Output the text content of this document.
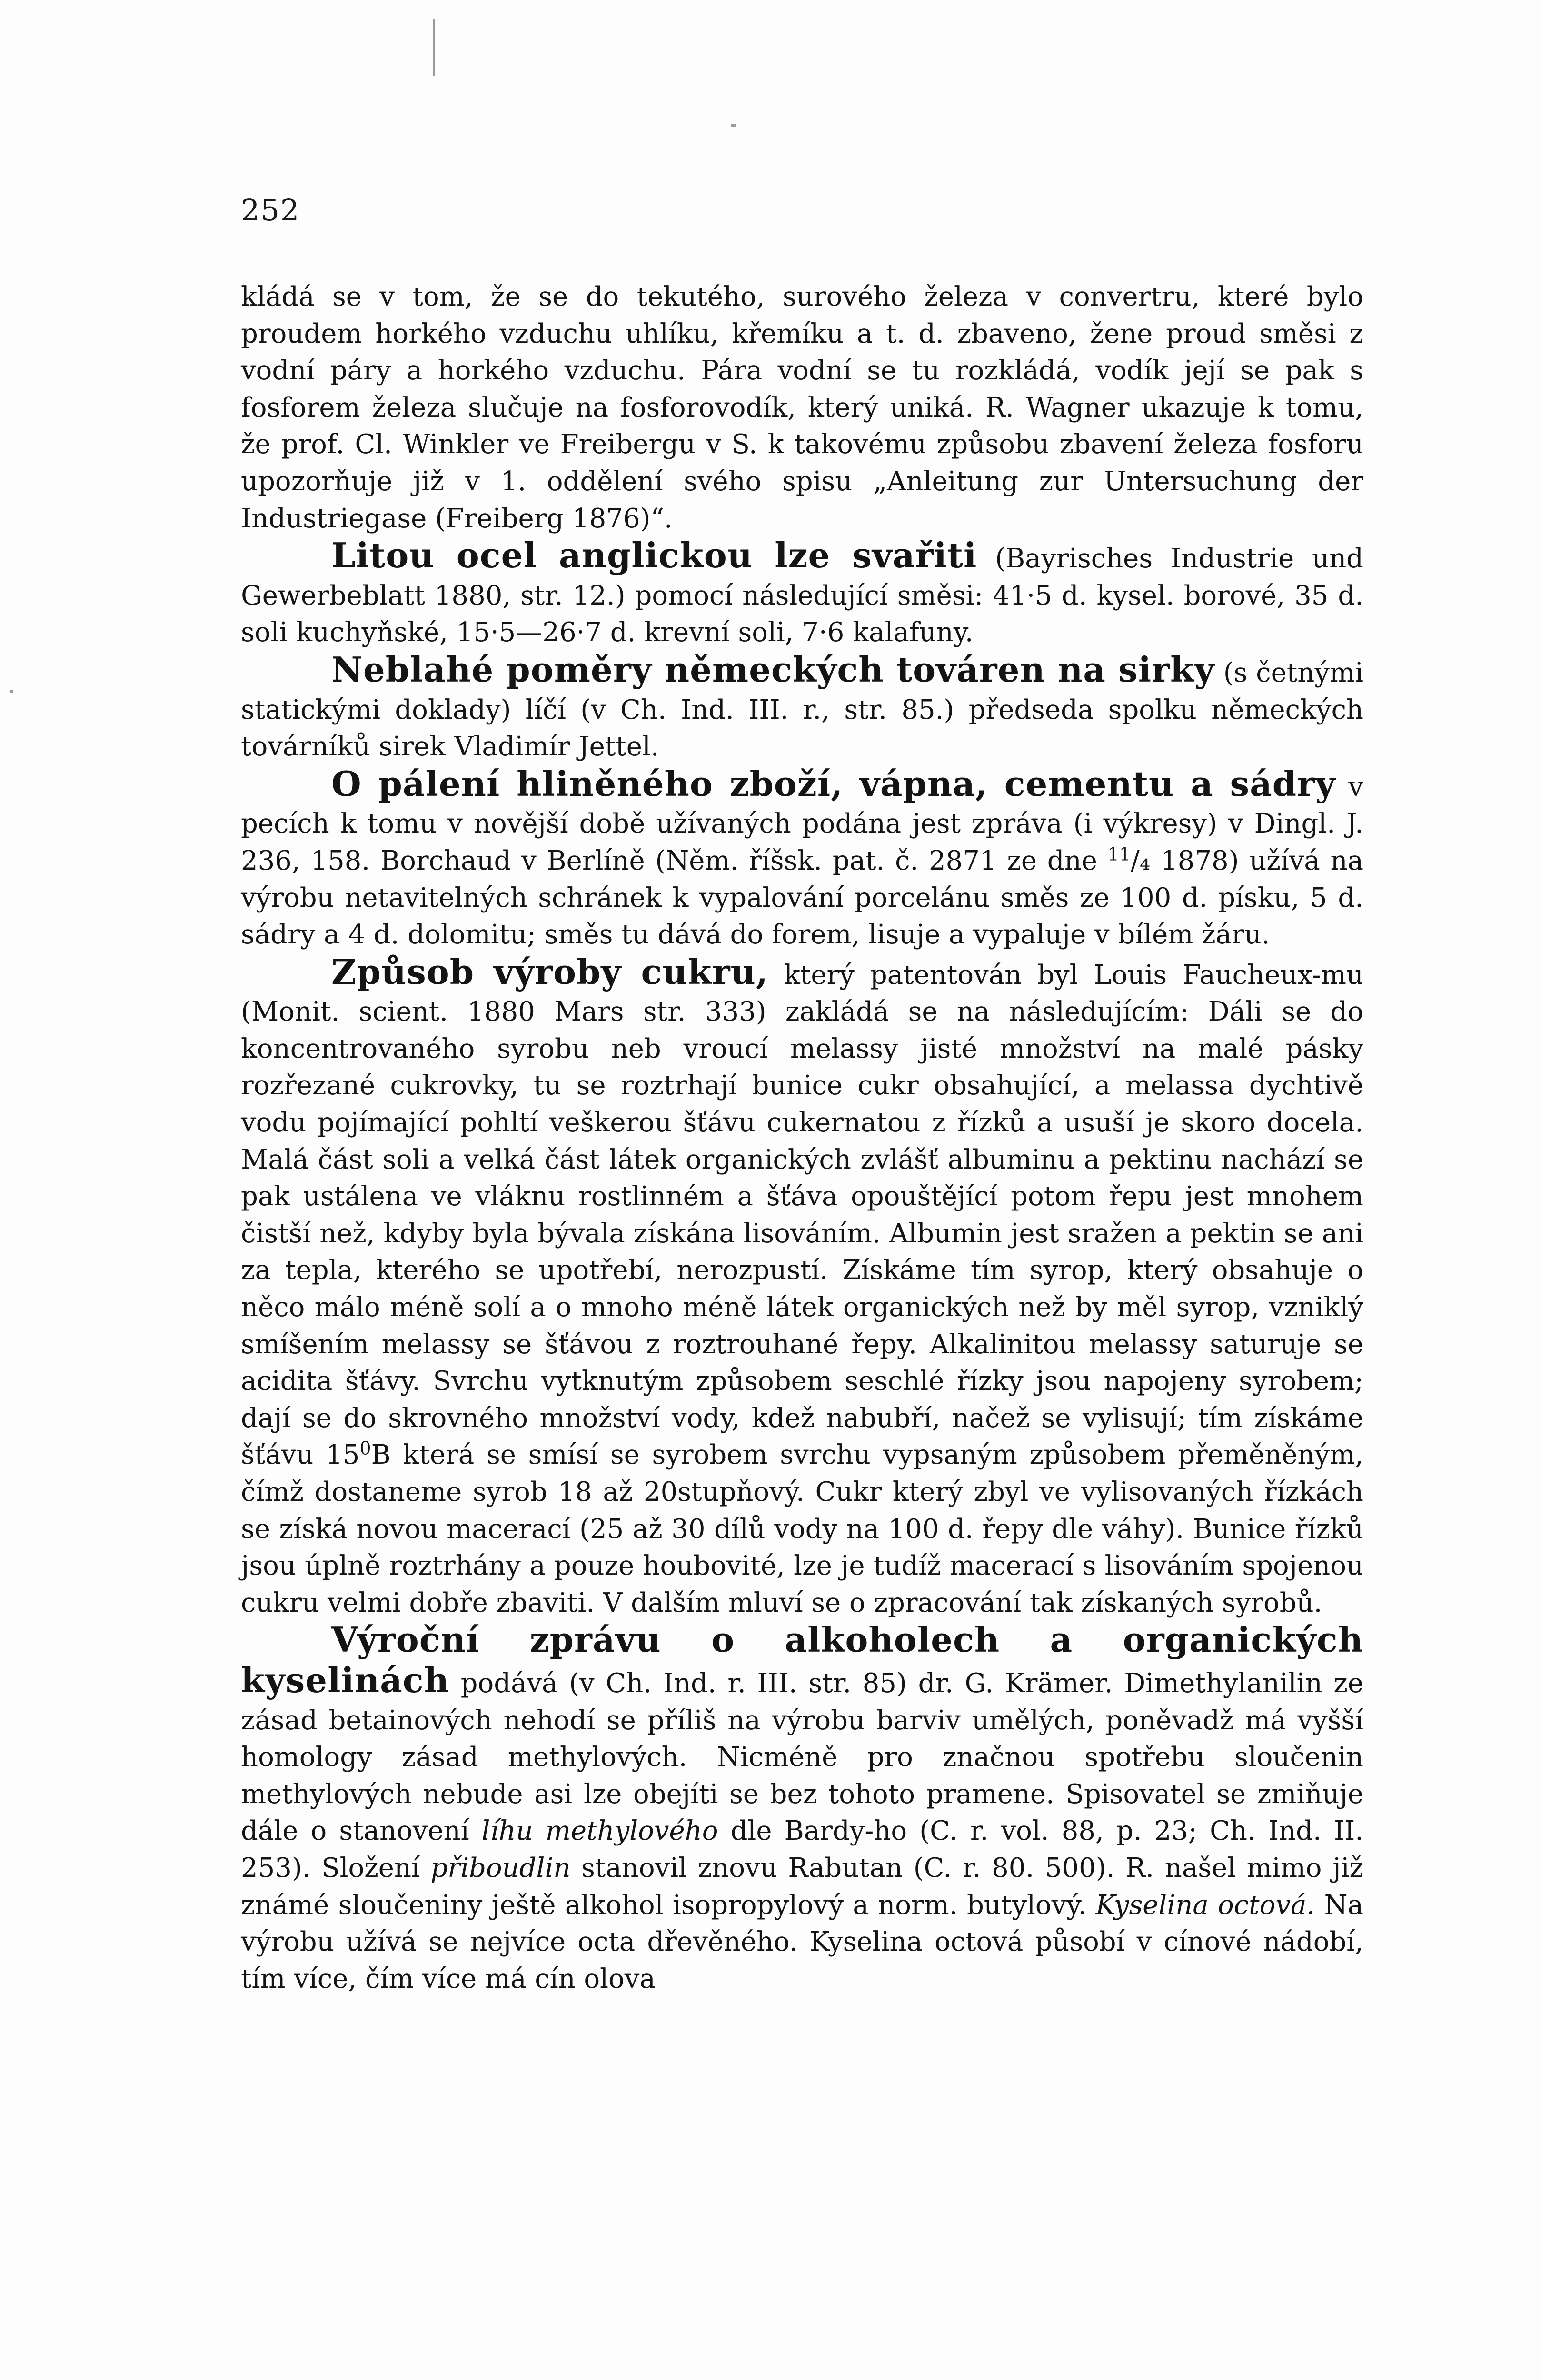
252

kládá se v tom, že se do tekutého, surového železa v convertru, které bylo proudem horkého vzduchu uhlíku, křemíku a t. d. zbaveno, žene proud směsi z vodní páry a horkého vzduchu. Pára vodní se tu rozkládá, vodík její se pak s fosforem železa slučuje na fosforovodík, který uniká. R. Wagner ukazuje k tomu, že prof. Cl. Winkler ve Freibergu v S. k takovému způsobu zbavení železa fosforu upozorňuje již v 1. oddělení svého spisu „Anleitung zur Untersuchung der Industriegase (Freiberg 1876)“.

Litou ocel anglickou lze svařiti (Bayrisches Industrie und Gewerbeblatt 1880, str. 12.) pomocí následující směsi: 41·5 d. kysel. borové, 35 d. soli kuchyňské, 15·5—26·7 d. krevní soli, 7·6 kalafuny.

Neblahé poměry německých továren na sirky (s četnými statickými doklady) líčí (v Ch. Ind. III. r., str. 85.) předseda spolku německých továrníků sirek Vladimír Jettel.

O pálení hliněného zboží, vápna, cementu a sádry v pecích k tomu v novější době užívaných podána jest zpráva (i výkresy) v Dingl. J. 236, 158. Borchaud v Berlíně (Něm. říšsk. pat. č. 2871 ze dne $^{11}$/₄ 1878) užívá na výrobu netavitelných schránek k vypalování porcelánu směs ze 100 d. písku, 5 d. sádry a 4 d. dolomitu; směs tu dává do forem, lisuje a vypaluje v bílém žáru.

Způsob výroby cukru, který patentován byl Louis Faucheux-mu (Monit. scient. 1880 Mars str. 333) zakládá se na následujícím: Dáli se do koncentrovaného syrobu neb vroucí melassy jisté množství na malé pásky rozřezané cukrovky, tu se roztrhají bunice cukr obsahující, a melassa dychtivě vodu pojímající pohltí veškerou šťávu cukernatou z řízků a usuší je skoro docela. Malá část soli a velká část látek organických zvlášť albuminu a pektinu nachází se pak ustálena ve vláknu rostlinném a šťáva opouštějící potom řepu jest mnohem čistší než, kdyby byla bývala získána lisováním. Albumin jest sražen a pektin se ani za tepla, kterého se upotřebí, nerozpustí. Získáme tím syrop, který obsahuje o něco málo méně solí a o mnoho méně látek organických než by měl syrop, vzniklý smíšením melassy se šťávou z roztrouhané řepy. Alkalinitou melassy saturuje se acidita šťávy. Svrchu vytknutým způsobem seschlé řízky jsou napojeny syrobem; dají se do skrovného množství vody, kdež nabubří, načež se vylisují; tím získáme šťávu $15^0B$ která se smísí se syrobem svrchu vypsaným způsobem přeměněným, čímž dostaneme syrob 18 až 20stupňový. Cukr který zbyl ve vylisovaných řízkách se získá novou macerací (25 až 30 dílů vody na 100 d. řepy dle váhy). Bunice řízků jsou úplně roztrhány a pouze houbovité, lze je tudíž macerací s lisováním spojenou cukru velmi dobře zbaviti. V dalším mluví se o zpracování tak získaných syrobů.

Výroční zprávu o alkoholech a organických kyselinách podává (v Ch. Ind. r. III. str. 85) dr. G. Krämer. Dimethylanilin ze zásad betainových nehodí se příliš na výrobu barviv umělých, poněvadž má vyšší homology zásad methylových. Nicméně pro značnou spotřebu sloučenin methylových nebude asi lze obejíti se bez tohoto pramene. Spisovatel se zmiňuje dále o stanovení líhu methylového dle Bardy-ho (C. r. vol. 88, p. 23; Ch. Ind. II. 253). Složení přiboudlin stanovil znovu Rabutan (C. r. 80. 500). R. našel mimo již známé sloučeniny ještě alkohol isopropylový a norm. butylový. Kyselina octová. Na výrobu užívá se nejvíce octa dřevěného. Kyselina octová působí v cínové nádobí, tím více, čím více má cín olova
